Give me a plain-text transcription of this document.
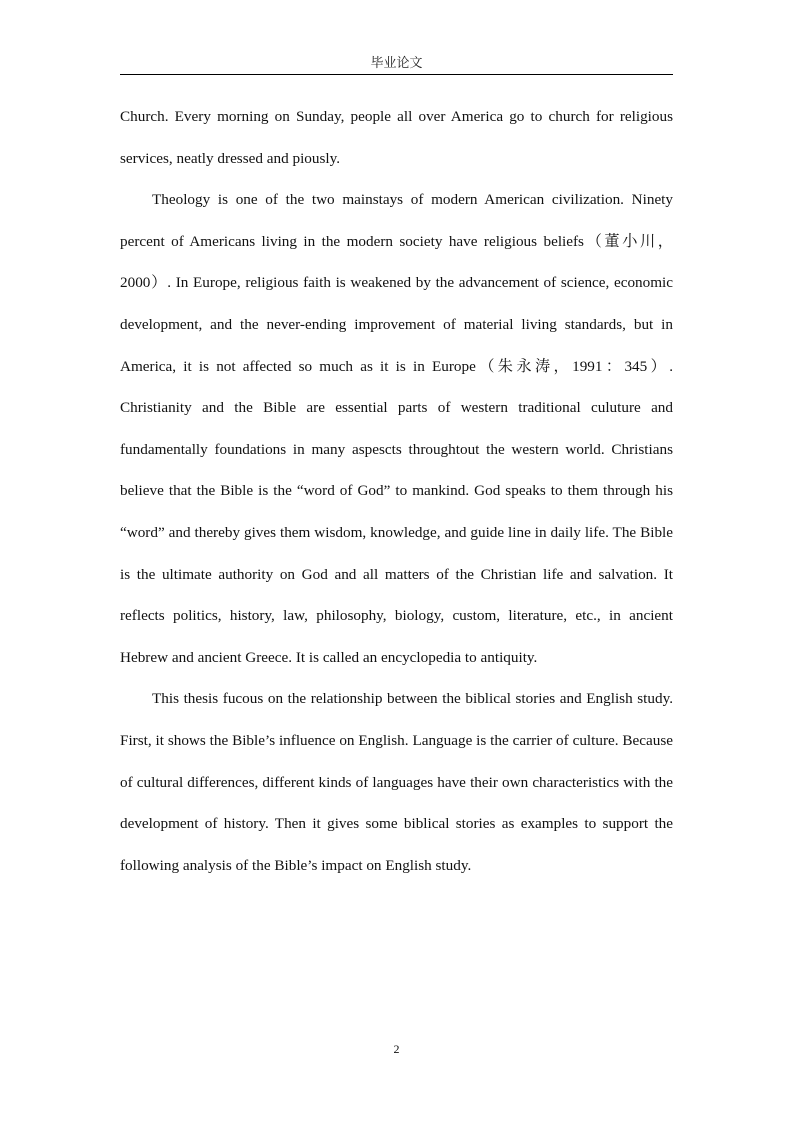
毕业论文

Church. Every morning on Sunday, people all over America go to church for religious services, neatly dressed and piously.

Theology is one of the two mainstays of modern American civilization. Ninety percent of Americans living in the modern society have religious beliefs（董小川，2000）. In Europe, religious faith is weakened by the advancement of science, economic development, and the never-ending improvement of material living standards, but in America, it is not affected so much as it is in Europe（朱永涛，1991：345）. Christianity and the Bible are essential parts of western traditional culuture and fundamentally foundations in many aspescts throughtout the western world. Christians believe that the Bible is the “word of God” to mankind. God speaks to them through his “word” and thereby gives them wisdom, knowledge, and guide line in daily life. The Bible is the ultimate authority on God and all matters of the Christian life and salvation. It reflects politics, history, law, philosophy, biology, custom, literature, etc., in ancient Hebrew and ancient Greece. It is called an encyclopedia to antiquity.

This thesis fucous on the relationship between the biblical stories and English study. First, it shows the Bible’s influence on English. Language is the carrier of culture. Because of cultural differences, different kinds of languages have their own characteristics with the development of history. Then it gives some biblical stories as examples to support the following analysis of the Bible’s impact on English study.

2
